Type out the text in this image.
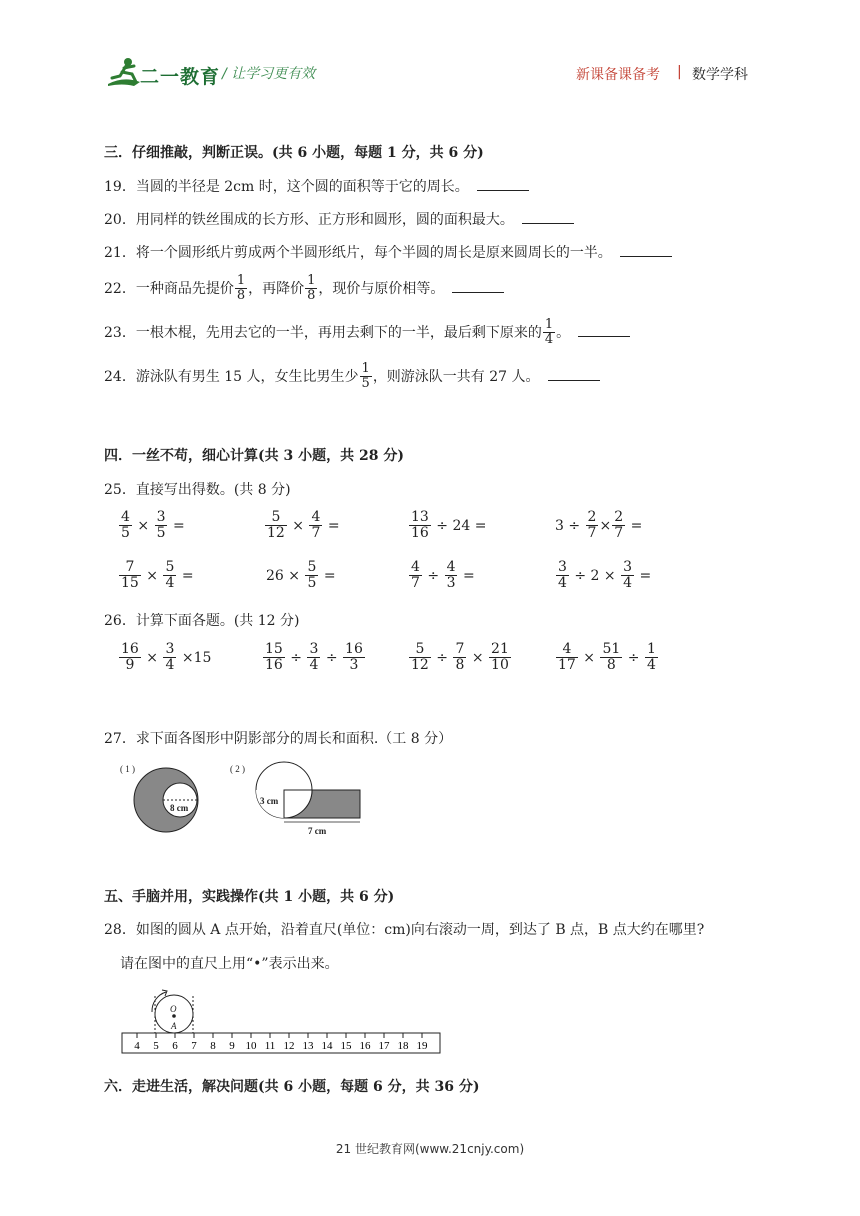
二一教育 / 让学习更有效	新课备课备考 | 数学学科
三．仔细推敲，判断正误。(共 6 小题，每题 1 分，共 6 分)
19．当圆的半径是 2cm 时，这个圆的面积等于它的周长。
20．用同样的铁丝围成的长方形、正方形和圆形，圆的面积最大。
21．将一个圆形纸片剪成两个半圆形纸片，每个半圆的周长是原来圆周长的一半。
22．一种商品先提价 $\frac{1}{8}$ ，再降价 $\frac{1}{8}$ ，现价与原价相等。
23．一根木棍，先用去它的一半，再用去剩下的一半，最后剩下原来的 $\frac{1}{4}$ 。
24．游泳队有男生 15 人，女生比男生少 $\frac{1}{5}$ ，则游泳队一共有 27 人。
四．一丝不苟，细心计算(共 3 小题，共 28 分)
25．直接写出得数。(共 8 分)
$\frac{4}{5} \times \frac{3}{5}$ =	$\frac{5}{12} \times \frac{4}{7}$ =	$\frac{13}{16} \div 24$ =	$3 \div \frac{2}{7} \times \frac{2}{7}$ =
$\frac{7}{15} \times \frac{5}{4}$ =	$26 \times \frac{5}{5}$ =	$\frac{4}{7} \div \frac{4}{3}$ =	$\frac{3}{4} \div 2 \times \frac{3}{4}$ =
26．计算下面各题。(共 12 分)
$\frac{16}{9} \times \frac{3}{4} \times 15$	$\frac{15}{16} \div \frac{3}{4} \div \frac{16}{3}$	$\frac{5}{12} \div \frac{7}{8} \times \frac{21}{10}$	$\frac{4}{17} \times \frac{51}{8} \div \frac{1}{4}$
27．求下面各图形中阴影部分的周长和面积.（工 8 分）
( 1 )
8 cm
( 2 )
3 cm
7 cm
五、手脑并用，实践操作(共 1 小题，共 6 分)
28．如图的圆从 A 点开始，沿着直尺(单位：cm)向右滚动一周，到达了 B 点，B 点大约在哪里?
请在图中的直尺上用“•”表示出来。
O
A
4 5 6 7 8 9 10 11 12 13 14 15 16 17 18 19
六．走进生活，解决问题(共 6 小题，每题 6 分，共 36 分)
21 世纪教育网(www.21cnjy.com)
